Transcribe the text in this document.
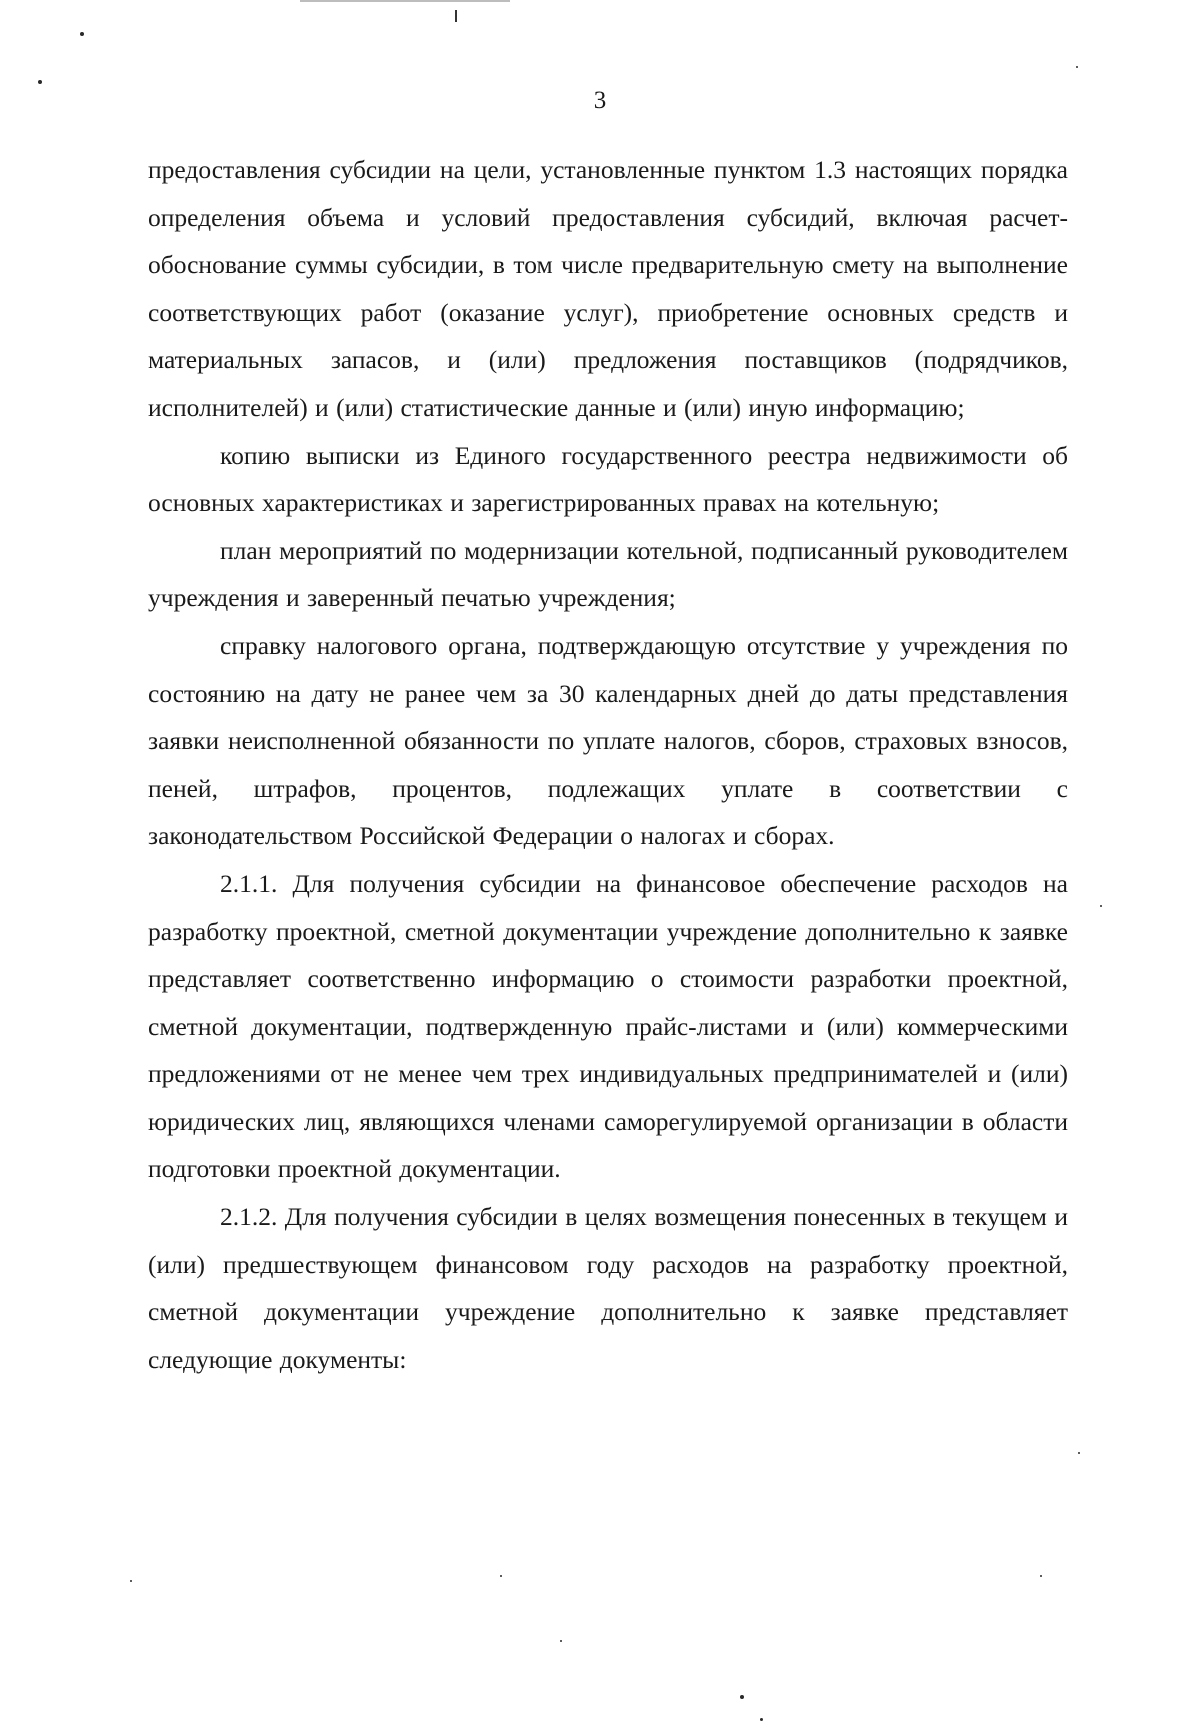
3

предоставления субсидии на цели, установленные пунктом 1.3 настоящих порядка определения объема и условий предоставления субсидий, включая расчет-обоснование суммы субсидии, в том числе предварительную смету на выполнение соответствующих работ (оказание услуг), приобретение основных средств и материальных запасов, и (или) предложения поставщиков (подрядчиков, исполнителей) и (или) статистические данные и (или) иную информацию;

копию выписки из Единого государственного реестра недвижимости об основных характеристиках и зарегистрированных правах на котельную;

план мероприятий по модернизации котельной, подписанный руководителем учреждения и заверенный печатью учреждения;

справку налогового органа, подтверждающую отсутствие у учреждения по состоянию на дату не ранее чем за 30 календарных дней до даты представления заявки неисполненной обязанности по уплате налогов, сборов, страховых взносов, пеней, штрафов, процентов, подлежащих уплате в соответствии с законодательством Российской Федерации о налогах и сборах.

2.1.1. Для получения субсидии на финансовое обеспечение расходов на разработку проектной, сметной документации учреждение дополнительно к заявке представляет соответственно информацию о стоимости разработки проектной, сметной документации, подтвержденную прайс-листами и (или) коммерческими предложениями от не менее чем трех индивидуальных предпринимателей и (или) юридических лиц, являющихся членами саморегулируемой организации в области подготовки проектной документации.

2.1.2. Для получения субсидии в целях возмещения понесенных в текущем и (или) предшествующем финансовом году расходов на разработку проектной, сметной документации учреждение дополнительно к заявке представляет следующие документы:
